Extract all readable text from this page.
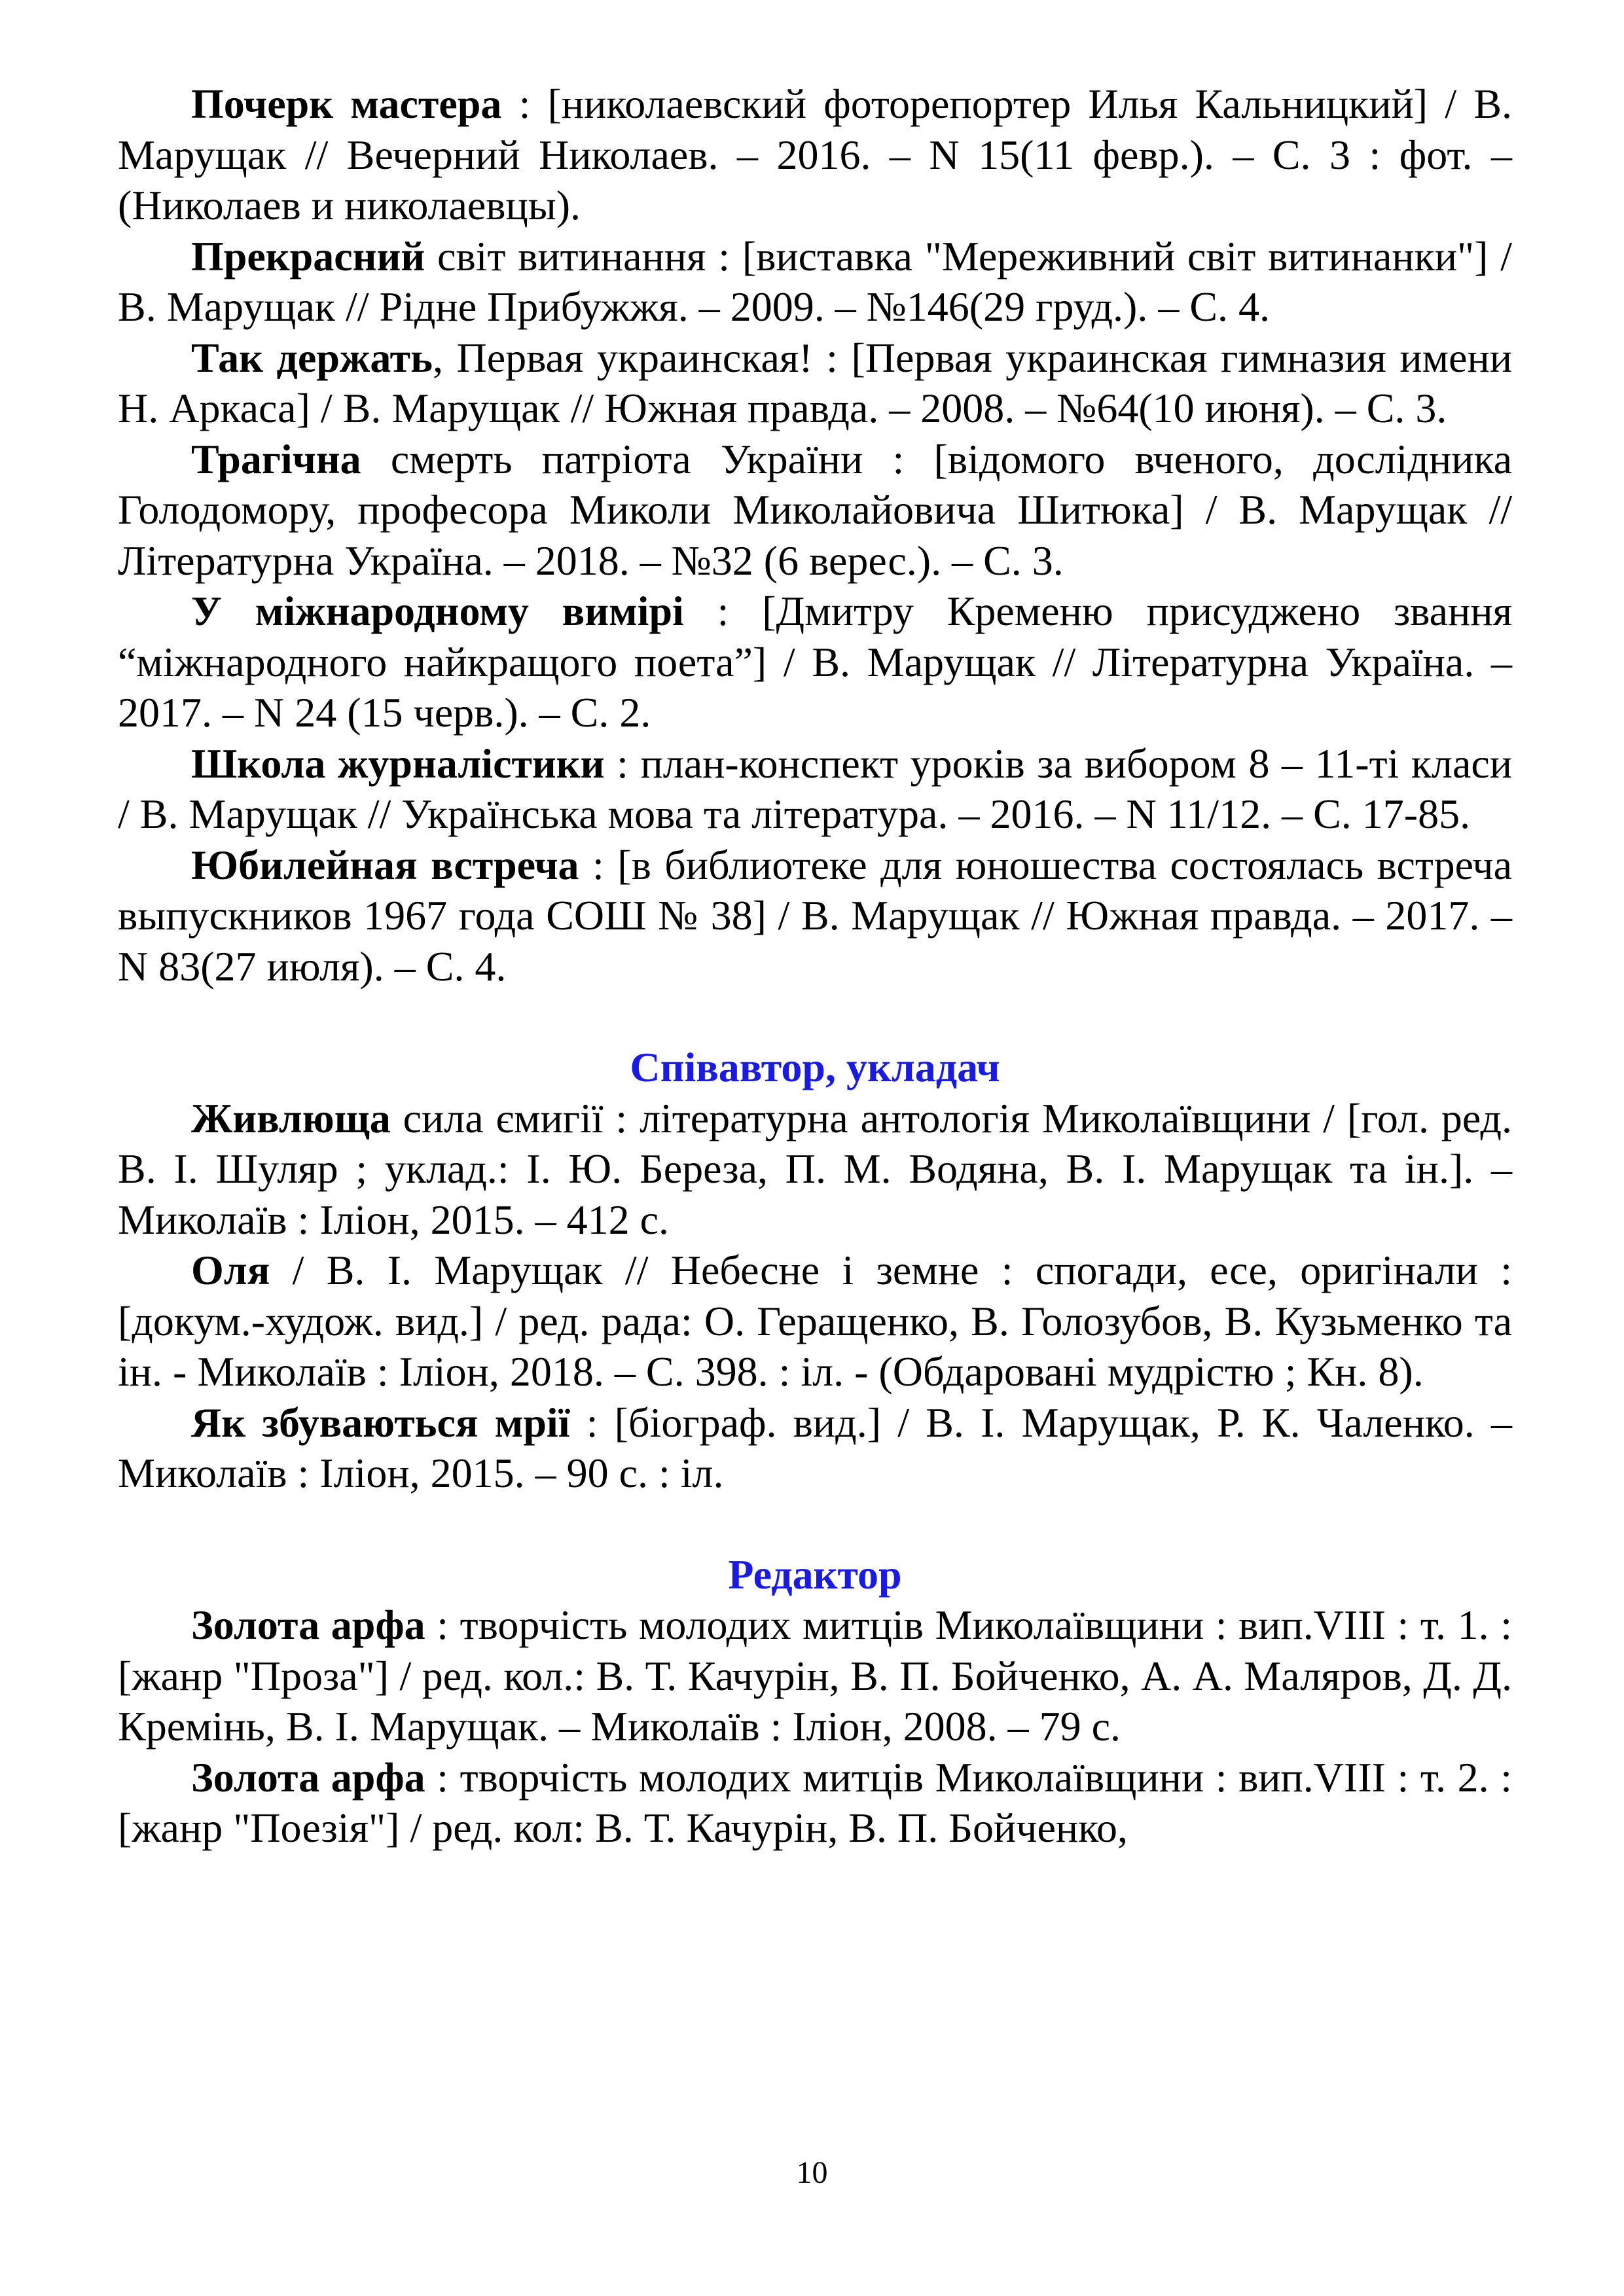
Почерк мастера : [николаевский фоторепортер Илья Кальницкий] / В. Марущак // Вечерний Николаев. – 2016. – N 15(11 февр.). – С. 3 : фот. – (Николаев и николаевцы).

Прекрасний світ витинання : [виставка "Мереживний світ витинанки"] / В. Марущак // Рідне Прибужжя. – 2009. – №146(29 груд.). – С. 4.

Так держать, Первая украинская! : [Первая украинская гимназия имени Н. Аркаса] / В. Марущак // Южная правда. – 2008. – №64(10 июня). – С. 3.

Трагічна смерть патріота України : [відомого вченого, дослідника Голодомору, професора Миколи Миколайовича Шитюка] / В. Марущак // Літературна Україна. – 2018. – №32 (6 верес.). – С. 3.

У міжнародному вимірі : [Дмитру Кременю присуджено звання “міжнародного найкращого поета”] / В. Марущак // Літературна Україна. – 2017. – N 24 (15 черв.). – С. 2.

Школа журналістики : план-конспект уроків за вибором 8 – 11-ті класи / В. Марущак // Українська мова та література. – 2016. – N 11/12. – С. 17-85.

Юбилейная встреча : [в библиотеке для юношества состоялась встреча выпускников 1967 года СОШ № 38] / В. Марущак // Южная правда. – 2017. – N 83(27 июля). – С. 4.

Співавтор, укладач

Живлюща сила ємигії : літературна антологія Миколаївщини / [гол. ред. В. І. Шуляр ; уклад.: І. Ю. Береза, П. М. Водяна, В. І. Марущак та ін.]. – Миколаїв : Іліон, 2015. – 412 с.

Оля / В. І. Марущак // Небесне і земне : спогади, есе, оригінали : [докум.-худож. вид.] / ред. рада: О. Геращенко, В. Голозубов, В. Кузьменко та ін. - Миколаїв : Іліон, 2018. – С. 398. : іл. - (Обдаровані мудрістю ; Кн. 8).

Як збуваються мрії : [біограф. вид.] / В. І. Марущак, Р. К. Чаленко. – Миколаїв : Іліон, 2015. – 90 с. : іл.

Редактор

Золота арфа : творчість молодих митців Миколаївщини : вип.VIII : т. 1. : [жанр "Проза"] / ред. кол.: В. Т. Качурін, В. П. Бойченко, А. А. Маляров, Д. Д. Кремінь, В. І. Марущак. – Миколаїв : Іліон, 2008. – 79 с.

Золота арфа : творчість молодих митців Миколаївщини : вип.VIII : т. 2. : [жанр "Поезія"] / ред. кол: В. Т. Качурін, В. П. Бойченко,

10
